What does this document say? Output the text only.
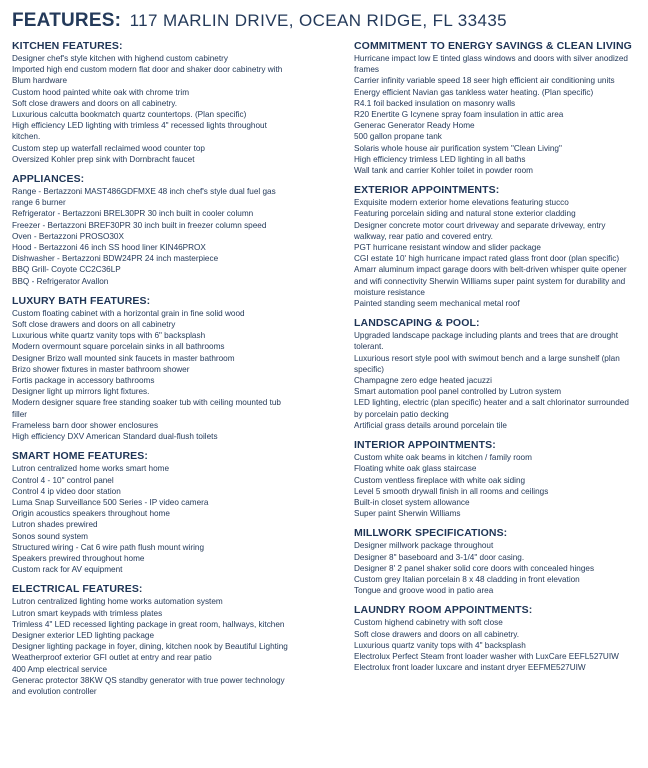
FEATURES: 117 MARLIN DRIVE, OCEAN RIDGE, FL 33435
KITCHEN FEATURES:
Designer chef's style kitchen with highend custom cabinetry
Imported high end custom modern flat door and shaker door cabinetry with Blum hardware
Custom hood painted white oak with chrome trim
Soft close drawers and doors on all cabinetry.
Luxurious calcutta bookmatch quartz countertops. (Plan specific)
High efficiency LED lighting with trimless 4" recessed lights throughout kitchen.
Custom step up waterfall reclaimed wood counter top
Oversized Kohler prep sink with Dornbracht faucet
APPLIANCES:
Range - Bertazzoni MAST486GDFMXE 48 inch chef's style dual fuel gas range 6 burner
Refrigerator - Bertazzoni BREL30PR 30 inch built in cooler column
Freezer - Bertazzoni BREF30PR 30 inch built in freezer column speed
Oven - Bertazzoni PROSO30X
Hood - Bertazzoni 46 inch SS hood liner KIN46PROX
Dishwasher - Bertazzoni BDW24PR 24 inch masterpiece
BBQ Grill- Coyote CC2C36LP
BBQ - Refrigerator Avallon
LUXURY BATH FEATURES:
Custom floating cabinet with a horizontal grain in fine solid wood
Soft close drawers and doors on all cabinetry
Luxurious white quartz vanity tops with 6" backsplash
Modern overmount square porcelain sinks in all bathrooms
Designer Brizo wall mounted sink faucets in master bathroom
Brizo shower fixtures in master bathroom shower
Fortis package in accessory bathrooms
Designer light up mirrors light fixtures.
Modern designer square free standing soaker tub with ceiling mounted tub filler
Frameless barn door shower enclosures
High efficiency DXV American Standard dual-flush toilets
SMART HOME FEATURES:
Lutron centralized home works smart home
Control 4 - 10" control panel
Control 4 ip video door station
Luma Snap Surveillance 500 Series - IP video camera
Origin acoustics speakers throughout home
Lutron shades prewired
Sonos sound system
Structured wiring - Cat 6 wire path flush mount wiring
Speakers prewired throughout home
Custom rack for AV equipment
ELECTRICAL FEATURES:
Lutron centralized lighting home works automation system
Lutron smart keypads with trimless plates
Trimless 4" LED recessed lighting package in great room, hallways, kitchen
Designer exterior LED lighting package
Designer lighting package in foyer, dining, kitchen nook by Beautiful Lighting
Weatherproof exterior GFI outlet at entry and rear patio
400 Amp electrical service
Generac protector 38KW QS standby generator with true power technology and evolution controller
COMMITMENT TO ENERGY SAVINGS & CLEAN LIVING
Hurricane impact low E tinted glass windows and doors with silver anodized frames
Carrier infinity variable speed 18 seer high efficient air conditioning units
Energy efficient Navian gas tankless water heating. (Plan specific)
R4.1 foil backed insulation on masonry walls
R20 Enertite G Icynene spray foam insulation in attic area
Generac Generator Ready Home
500 gallon propane tank
Solaris whole house air purification system "Clean Living"
High efficiency trimless LED lighting in all baths
Wall tank and carrier Kohler toilet in powder room
EXTERIOR APPOINTMENTS:
Exquisite modern exterior home elevations featuring stucco
Featuring porcelain siding and natural stone exterior cladding
Designer concrete motor court driveway and separate driveway, entry walkway, rear patio and covered entry.
PGT hurricane resistant window and slider package
CGI estate 10' high hurricane impact rated glass front door (plan specific)
Amarr aluminum impact garage doors with belt-driven whisper quite opener and wifi connectivity Sherwin Williams super paint system for durability and moisture resistance
Painted standing seem mechanical metal roof
LANDSCAPING & POOL:
Upgraded landscape package including plants and trees that are drought tolerant.
Luxurious resort style pool with swimout bench and a large sunshelf (plan specific)
Champagne zero edge heated jacuzzi
Smart automation pool panel controlled by Lutron system
LED lighting, electric (plan specific) heater and a salt chlorinator surrounded by porcelain patio decking
Artificial grass details around porcelain tile
INTERIOR APPOINTMENTS:
Custom white oak beams in kitchen / family room
Floating white oak glass staircase
Custom ventless fireplace with white oak siding
Level 5 smooth drywall finish in all rooms and ceilings
Built-in closet system allowance
Super paint Sherwin Williams
MILLWORK SPECIFICATIONS:
Designer millwork package throughout
Designer 8" baseboard and 3-1/4" door casing.
Designer 8' 2 panel shaker solid core doors with concealed hinges
Custom grey Italian porcelain 8 x 48 cladding in front elevation
Tongue and groove wood in patio area
LAUNDRY ROOM APPOINTMENTS:
Custom highend cabinetry with soft close
Soft close drawers and doors on all cabinetry.
Luxurious quartz vanity tops with 4" backsplash
Electrolux Perfect Steam front loader washer with LuxCare EEFL527UIW
Electrolux front loader luxcare and instant dryer EEFME527UIW
